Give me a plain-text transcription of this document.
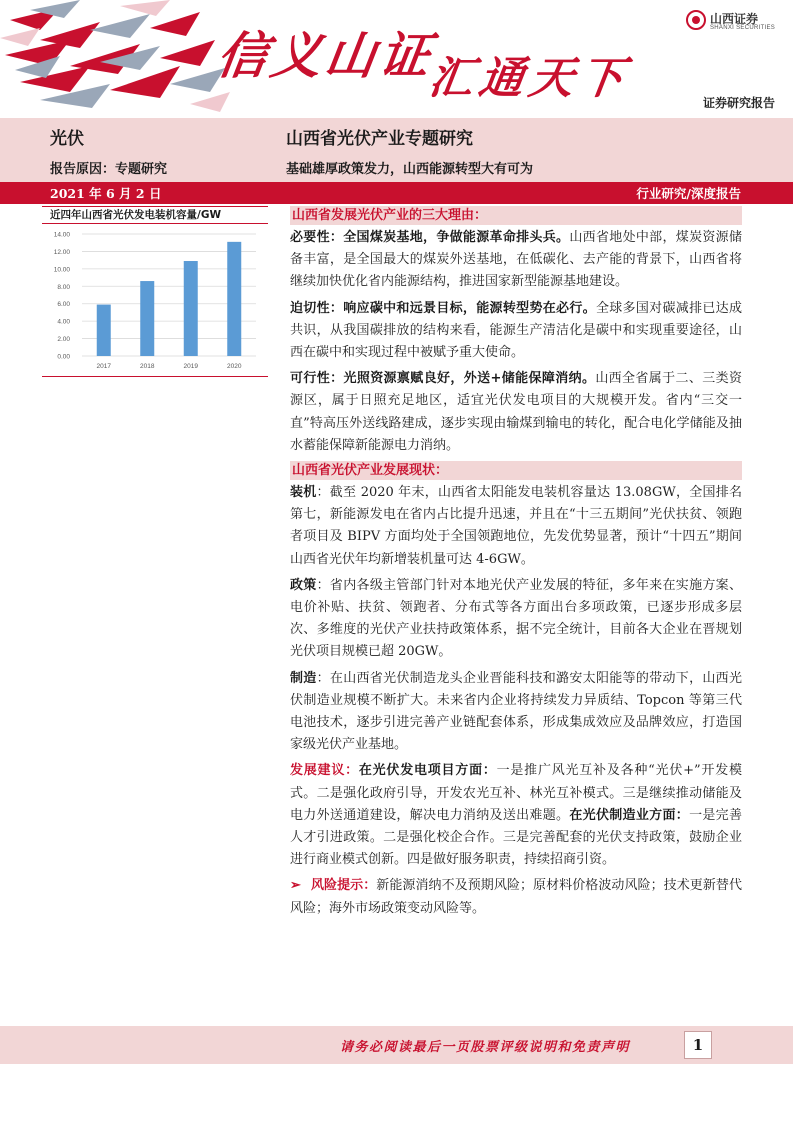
信义山证
汇通天下
山西证券
SHANXI SECURITIES
证券研究报告
光伏	山西省光伏产业专题研究
报告原因：专题研究	基础雄厚政策发力，山西能源转型大有可为
2021 年 6 月 2 日	行业研究/深度报告
近四年山西省光伏发电装机容量/GW
0.00
2.00
4.00
6.00
8.00
10.00
12.00
14.00
2017	2018	2019	2020
山西省发展光伏产业的三大理由：

必要性：全国煤炭基地，争做能源革命排头兵。山西省地处中部，煤炭资源储备丰富，是全国最大的煤炭外送基地，在低碳化、去产能的背景下，山西省将继续加快优化省内能源结构，推进国家新型能源基地建设。

迫切性：响应碳中和远景目标，能源转型势在必行。全球多国对碳减排已达成共识，从我国碳排放的结构来看，能源生产清洁化是碳中和实现重要途径，山西在碳中和实现过程中被赋予重大使命。

可行性：光照资源禀赋良好，外送+储能保障消纳。山西全省属于二、三类资源区，属于日照充足地区，适宜光伏发电项目的大规模开发。省内“三交一直”特高压外送线路建成，逐步实现由输煤到输电的转化，配合电化学储能及抽水蓄能保障新能源电力消纳。

山西省光伏产业发展现状：

装机：截至 2020 年末，山西省太阳能发电装机容量达 13.08GW，全国排名第七，新能源发电在省内占比提升迅速，并且在“十三五期间”光伏扶贫、领跑者项目及 BIPV 方面均处于全国领跑地位，先发优势显著，预计“十四五”期间山西省光伏年均新增装机量可达 4-6GW。

政策：省内各级主管部门针对本地光伏产业发展的特征，多年来在实施方案、电价补贴、扶贫、领跑者、分布式等各方面出台多项政策，已逐步形成多层次、多维度的光伏产业扶持政策体系，据不完全统计，目前各大企业在晋规划光伏项目规模已超 20GW。

制造：在山西省光伏制造龙头企业晋能科技和潞安太阳能等的带动下，山西光伏制造业规模不断扩大。未来省内企业将持续发力异质结、Topcon 等第三代电池技术，逐步引进完善产业链配套体系，形成集成效应及品牌效应，打造国家级光伏产业基地。

发展建议：在光伏发电项目方面：一是推广风光互补及各种“光伏+”开发模式。二是强化政府引导，开发农光互补、林光互补模式。三是继续推动储能及电力外送通道建设，解决电力消纳及送出难题。在光伏制造业方面：一是完善人才引进政策。二是强化校企合作。三是完善配套的光伏支持政策，鼓励企业进行商业模式创新。四是做好服务职责，持续招商引资。

➢ 风险提示：新能源消纳不及预期风险；原材料价格波动风险；技术更新替代风险；海外市场政策变动风险等。

请务必阅读最后一页股票评级说明和免责声明	1
